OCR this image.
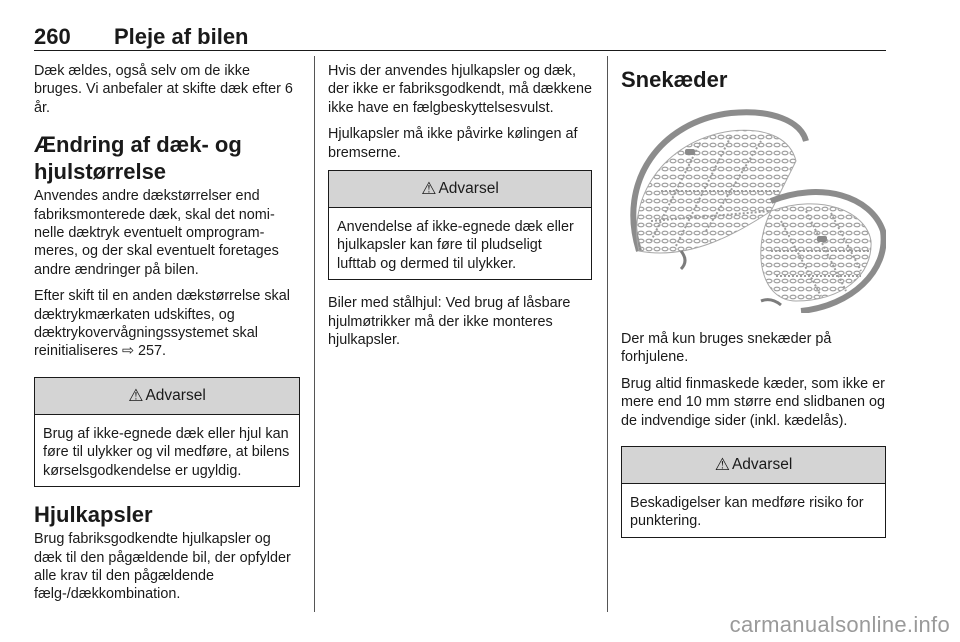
260 Pleje af bilen

Dæk ældes, også selv om de ikke bruges. Vi anbefaler at skifte dæk efter 6 år.

Ændring af dæk- og hjulstørrelse

Anvendes andre dækstørrelser end fabriksmonterede dæk, skal det nominelle dæktryk eventuelt omprogrammeres, og der skal eventuelt foretages andre ændringer på bilen.

Efter skift til en anden dækstørrelse skal dæktrykmærkaten udskiftes, og dæktrykovervågningssystemet skal reinitialiseres ⇨ 257.

⚠ Advarsel
Brug af ikke-egnede dæk eller hjul kan føre til ulykker og vil medføre, at bilens kørselsgodkendelse er ugyldig.
Hjulkapsler

Brug fabriksgodkendte hjulkapsler og dæk til den pågældende bil, der opfylder alle krav til den pågældende fælg-/dækkombination.

Hvis der anvendes hjulkapsler og dæk, der ikke er fabriksgodkendt, må dækkene ikke have en fælgbeskyttelsesvulst.

Hjulkapsler må ikke påvirke kølingen af bremserne.

⚠ Advarsel
Anvendelse af ikke-egnede dæk eller hjulkapsler kan føre til pludseligt lufttab og dermed til ulykker.

Biler med stålhjul: Ved brug af låsbare hjulmøtrikker må der ikke monteres hjulkapsler.

Snekæder

Der må kun bruges snekæder på forhjulene.

Brug altid finmaskede kæder, som ikke er mere end 10 mm større end slidbanen og de indvendige sider (inkl. kædelås).

⚠ Advarsel
Beskadigelser kan medføre risiko for punktering.
carmanualsonline.info
